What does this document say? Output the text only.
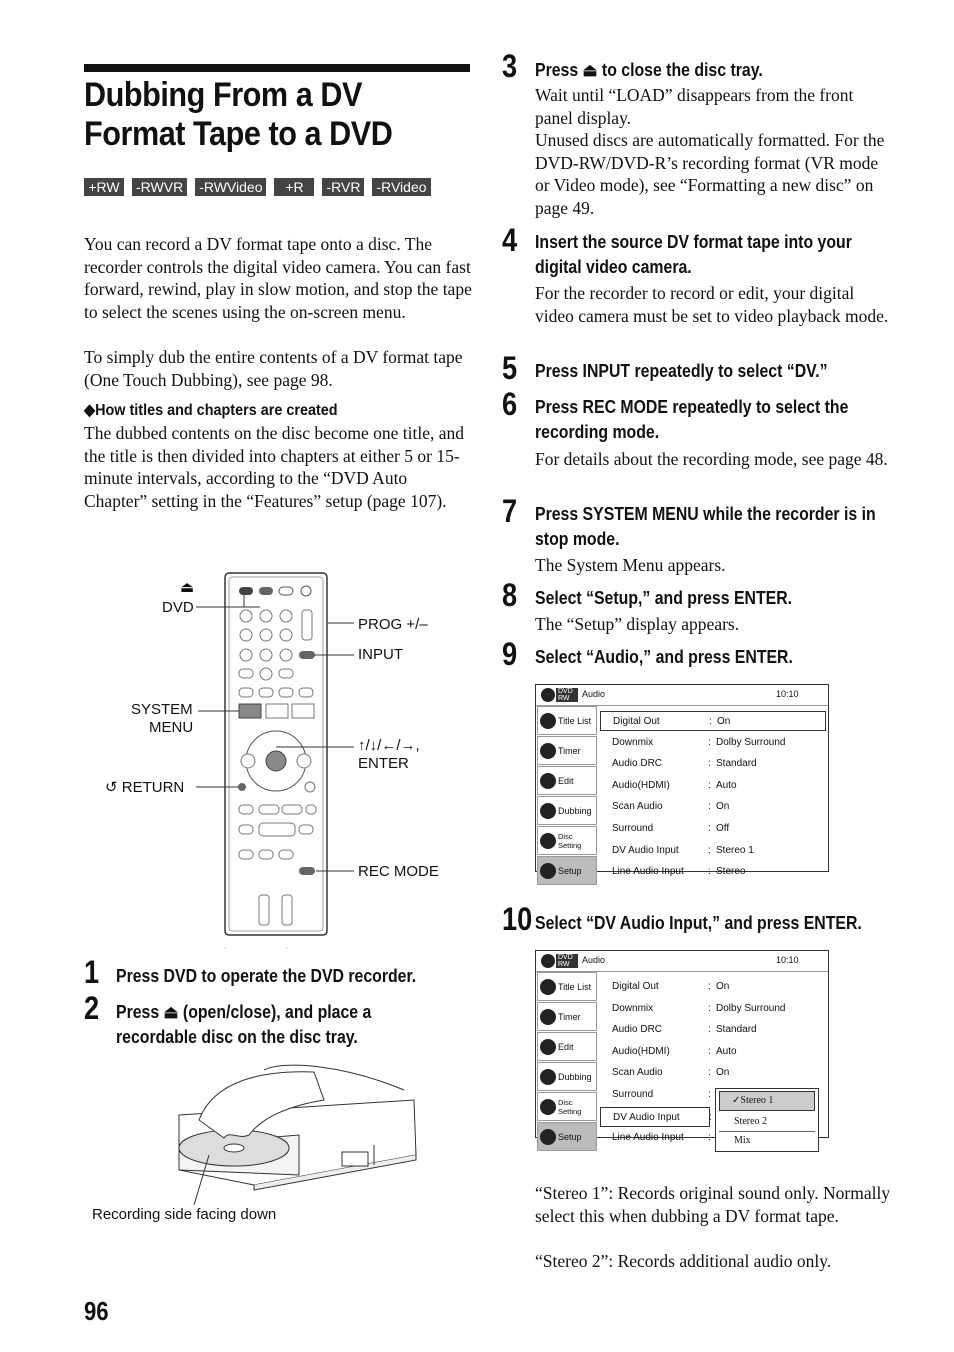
Dubbing From a DV Format Tape to a DVD
+RW	-RWVR -RWVideo	+R	-RVR -RVideo
You can record a DV format tape onto a disc. The recorder controls the digital video camera. You can fast forward, rewind, play in slow motion, and stop the tape to select the scenes using the on-screen menu.
To simply dub the entire contents of a DV format tape (One Touch Dubbing), see page 98.
◆How titles and chapters are created
The dubbed contents on the disc become one title, and the title is then divided into chapters at either 5 or 15-minute intervals, according to the “DVD Auto Chapter” setting in the “Features” setup (page 107).
⏏
DVD
PROG +/–
INPUT
SYSTEM
MENU
↑/↓/←/→,
ENTER
↺ RETURN
REC MODE
1 Press DVD to operate the DVD recorder.
2 Press ⏏ (open/close), and place a recordable disc on the disc tray.
Recording side facing down
96
3 Press ⏏ to close the disc tray.
Wait until “LOAD” disappears from the front panel display.
Unused discs are automatically formatted. For the DVD-RW/DVD-R’s recording format (VR mode or Video mode), see “Formatting a new disc” on page 49.
4 Insert the source DV format tape into your digital video camera.
For the recorder to record or edit, your digital video camera must be set to video playback mode.
5 Press INPUT repeatedly to select “DV.”
6 Press REC MODE repeatedly to select the recording mode.
For details about the recording mode, see page 48.
7 Press SYSTEM MENU while the recorder is in stop mode.
The System Menu appears.
8 Select “Setup,” and press ENTER.
The “Setup” display appears.
9 Select “Audio,” and press ENTER.
DVD RW	Audio	10:10
Title List
Timer
Edit
Dubbing
Disc Setting
Setup
Digital Out	: On
Downmix	: Dolby Surround
Audio DRC	: Standard
Audio(HDMI)	: Auto
Scan Audio	: On
Surround	: Off
DV Audio Input	: Stereo 1
Line Audio Input : Stereo
10 Select “DV Audio Input,” and press ENTER.
DVD RW	Audio	10:10
Title List
Timer
Edit
Dubbing
Disc Setting
Setup
Digital Out	: On
Downmix	: Dolby Surround
Audio DRC	: Standard
Audio(HDMI)	: Auto
Scan Audio	: On
Surround	:
DV Audio Input	:
Line Audio Input :
✓Stereo 1
Stereo 2
Mix
“Stereo 1”: Records original sound only. Normally select this when dubbing a DV format tape.
“Stereo 2”: Records additional audio only.
